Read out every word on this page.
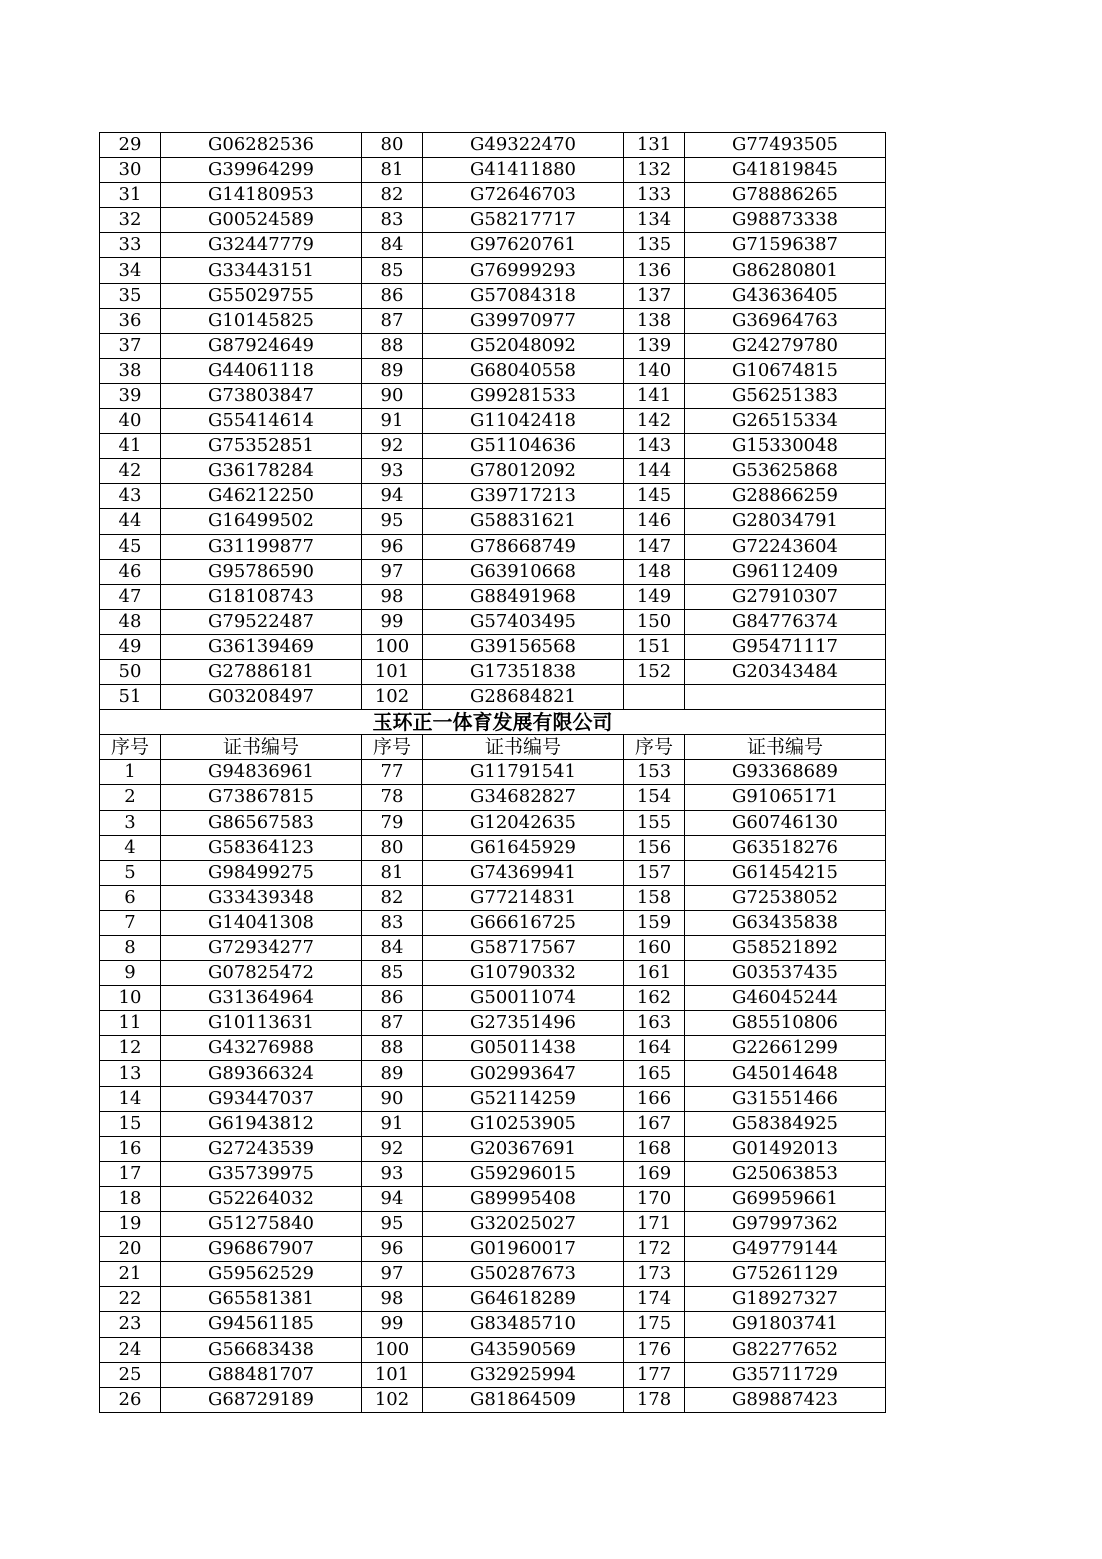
29	G06282536	80	G49322470	131	G77493505
30	G39964299	81	G41411880	132	G41819845
31	G14180953	82	G72646703	133	G78886265
32	G00524589	83	G58217717	134	G98873338
33	G32447779	84	G97620761	135	G71596387
34	G33443151	85	G76999293	136	G86280801
35	G55029755	86	G57084318	137	G43636405
36	G10145825	87	G39970977	138	G36964763
37	G87924649	88	G52048092	139	G24279780
38	G44061118	89	G68040558	140	G10674815
39	G73803847	90	G99281533	141	G56251383
40	G55414614	91	G11042418	142	G26515334
41	G75352851	92	G51104636	143	G15330048
42	G36178284	93	G78012092	144	G53625868
43	G46212250	94	G39717213	145	G28866259
44	G16499502	95	G58831621	146	G28034791
45	G31199877	96	G78668749	147	G72243604
46	G95786590	97	G63910668	148	G96112409
47	G18108743	98	G88491968	149	G27910307
48	G79522487	99	G57403495	150	G84776374
49	G36139469	100	G39156568	151	G95471117
50	G27886181	101	G17351838	152	G20343484
51	G03208497	102	G28684821		
玉环正一体育发展有限公司					
序号	证书编号	序号	证书编号	序号	证书编号
1	G94836961	77	G11791541	153	G93368689
2	G73867815	78	G34682827	154	G91065171
3	G86567583	79	G12042635	155	G60746130
4	G58364123	80	G61645929	156	G63518276
5	G98499275	81	G74369941	157	G61454215
6	G33439348	82	G77214831	158	G72538052
7	G14041308	83	G66616725	159	G63435838
8	G72934277	84	G58717567	160	G58521892
9	G07825472	85	G10790332	161	G03537435
10	G31364964	86	G50011074	162	G46045244
11	G10113631	87	G27351496	163	G85510806
12	G43276988	88	G05011438	164	G22661299
13	G89366324	89	G02993647	165	G45014648
14	G93447037	90	G52114259	166	G31551466
15	G61943812	91	G10253905	167	G58384925
16	G27243539	92	G20367691	168	G01492013
17	G35739975	93	G59296015	169	G25063853
18	G52264032	94	G89995408	170	G69959661
19	G51275840	95	G32025027	171	G97997362
20	G96867907	96	G01960017	172	G49779144
21	G59562529	97	G50287673	173	G75261129
22	G65581381	98	G64618289	174	G18927327
23	G94561185	99	G83485710	175	G91803741
24	G56683438	100	G43590569	176	G82277652
25	G88481707	101	G32925994	177	G35711729
26	G68729189	102	G81864509	178	G89887423
